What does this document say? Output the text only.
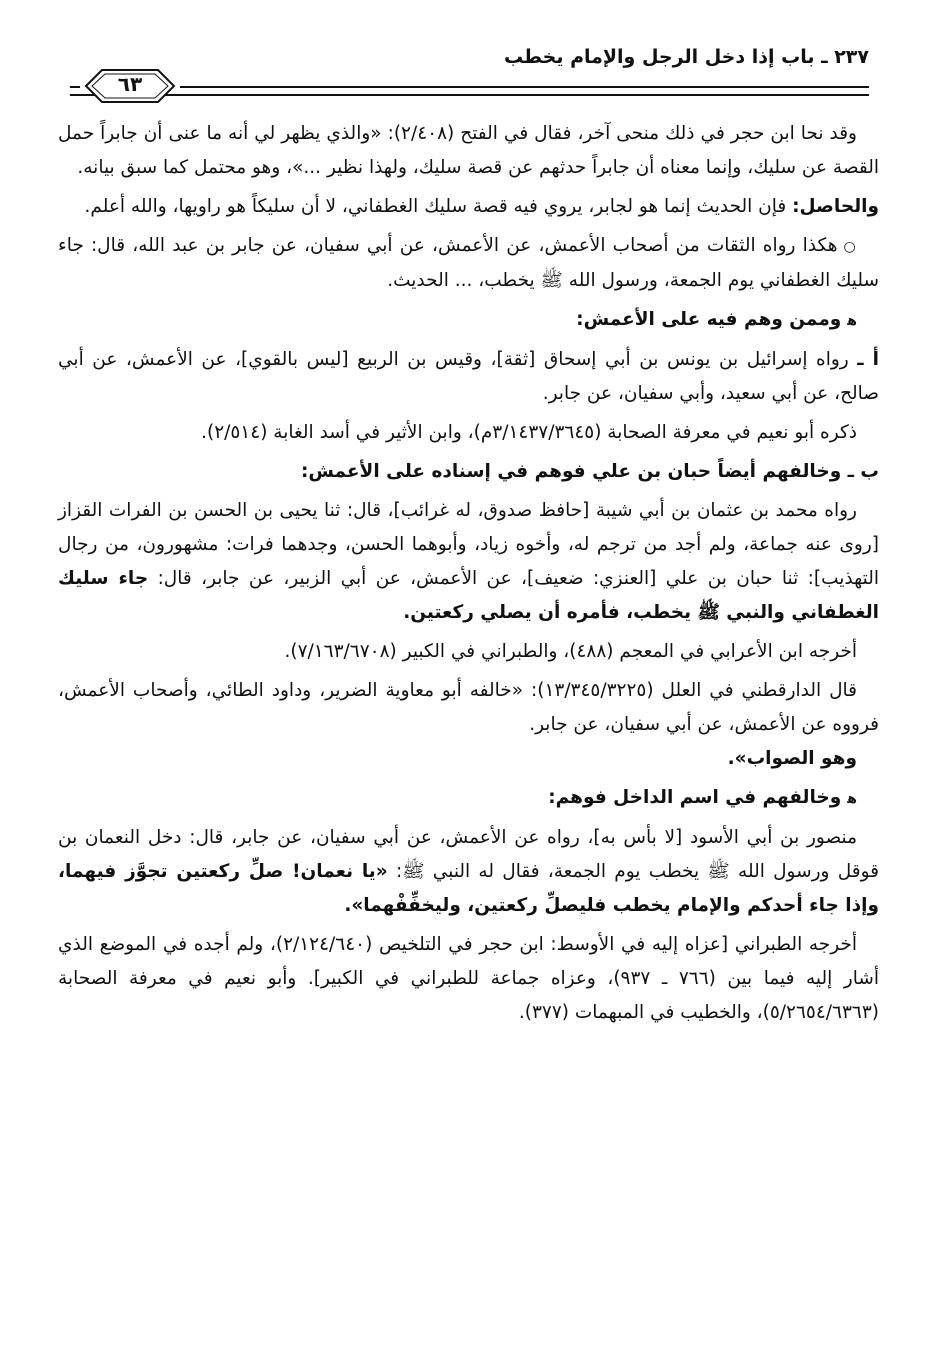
٢٣٧ ـ باب إذا دخل الرجل والإمام يخطب
٦٣

وقد نحا ابن حجر في ذلك منحى آخر، فقال في الفتح (٢/٤٠٨): «والذي يظهر لي أنه ما عنى أن جابراً حمل القصة عن سليك، وإنما معناه أن جابراً حدثهم عن قصة سليك، ولهذا نظير ...»، وهو محتمل كما سبق بيانه.

والحاصل: فإن الحديث إنما هو لجابر، يروي فيه قصة سليك الغطفاني، لا أن سليكاً هو راويها، والله أعلم.

○هكذا رواه الثقات من أصحاب الأعمش، عن الأعمش، عن أبي سفيان، عن جابر بن عبد الله، قال: جاء سليك الغطفاني يوم الجمعة، ورسول الله ﷺ يخطب، ... الحديث.

ﻫوممن وهم فيه على الأعمش:

أ ـ رواه إسرائيل بن يونس بن أبي إسحاق [ثقة]، وقيس بن الربيع [ليس بالقوي]، عن الأعمش، عن أبي صالح، عن أبي سعيد، وأبي سفيان، عن جابر.

ذكره أبو نعيم في معرفة الصحابة (٣/١٤٣٧/٣٦٤٥م)، وابن الأثير في أسد الغابة (٢/٥١٤).

ب ـ وخالفهم أيضاً حبان بن علي فوهم في إسناده على الأعمش:

رواه محمد بن عثمان بن أبي شيبة [حافظ صدوق، له غرائب]، قال: ثنا يحيى بن الحسن بن الفرات القزاز [روى عنه جماعة، ولم أجد من ترجم له، وأخوه زياد، وأبوهما الحسن، وجدهما فرات: مشهورون، من رجال التهذيب]: ثنا حبان بن علي [العنزي: ضعيف]، عن الأعمش، عن أبي الزبير، عن جابر، قال: جاء سليك الغطفاني والنبي ﷺ يخطب، فأمره أن يصلي ركعتين.

أخرجه ابن الأعرابي في المعجم (٤٨٨)، والطبراني في الكبير (٧/١٦٣/٦٧٠٨).

قال الدارقطني في العلل (١٣/٣٤٥/٣٢٢٥): «خالفه أبو معاوية الضرير، وداود الطائي، وأصحاب الأعمش، فرووه عن الأعمش، عن أبي سفيان، عن جابر.
وهو الصواب».

ﻫوخالفهم في اسم الداخل فوهم:

منصور بن أبي الأسود [لا بأس به]، رواه عن الأعمش، عن أبي سفيان، عن جابر، قال: دخل النعمان بن قوقل ورسول الله ﷺ يخطب يوم الجمعة، فقال له النبي ﷺ: «يا نعمان! صلِّ ركعتين تجوَّز فيهما، وإذا جاء أحدكم والإمام يخطب فليصلِّ ركعتين، وليخفِّفْهما».

أخرجه الطبراني [عزاه إليه في الأوسط: ابن حجر في التلخيص (٢/١٢٤/٦٤٠)، ولم أجده في الموضع الذي أشار إليه فيما بين (٧٦٦ ـ ٩٣٧)، وعزاه جماعة للطبراني في الكبير]. وأبو نعيم في معرفة الصحابة (٥/٢٦٥٤/٦٣٦٣)، والخطيب في المبهمات (٣٧٧).
